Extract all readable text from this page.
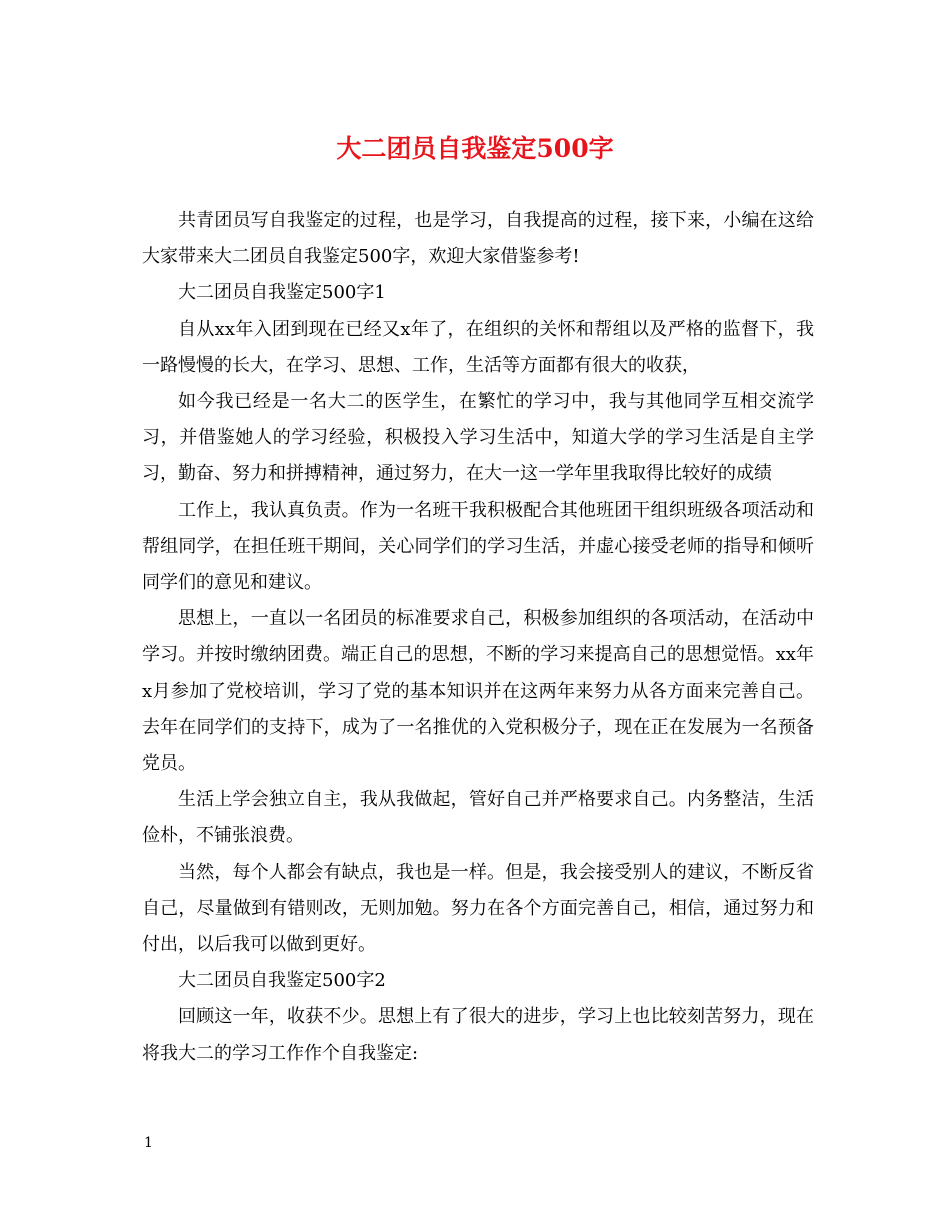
大二团员自我鉴定500字

共青团员写自我鉴定的过程，也是学习，自我提高的过程，接下来，小编在这给大家带来大二团员自我鉴定500字，欢迎大家借鉴参考!

大二团员自我鉴定500字1

自从xx年入团到现在已经又x年了，在组织的关怀和帮组以及严格的监督下，我一路慢慢的长大，在学习、思想、工作，生活等方面都有很大的收获，

如今我已经是一名大二的医学生，在繁忙的学习中，我与其他同学互相交流学习，并借鉴她人的学习经验，积极投入学习生活中，知道大学的学习生活是自主学习，勤奋、努力和拼搏精神，通过努力，在大一这一学年里我取得比较好的成绩

工作上，我认真负责。作为一名班干我积极配合其他班团干组织班级各项活动和帮组同学，在担任班干期间，关心同学们的学习生活，并虚心接受老师的指导和倾听同学们的意见和建议。

思想上，一直以一名团员的标准要求自己，积极参加组织的各项活动，在活动中学习。并按时缴纳团费。端正自己的思想，不断的学习来提高自己的思想觉悟。xx年x月参加了党校培训，学习了党的基本知识并在这两年来努力从各方面来完善自己。去年在同学们的支持下，成为了一名推优的入党积极分子，现在正在发展为一名预备党员。

生活上学会独立自主，我从我做起，管好自己并严格要求自己。内务整洁，生活俭朴，不铺张浪费。

当然，每个人都会有缺点，我也是一样。但是，我会接受别人的建议，不断反省自己，尽量做到有错则改，无则加勉。努力在各个方面完善自己，相信，通过努力和付出，以后我可以做到更好。

大二团员自我鉴定500字2

回顾这一年，收获不少。思想上有了很大的进步，学习上也比较刻苦努力，现在将我大二的学习工作作个自我鉴定:

1
